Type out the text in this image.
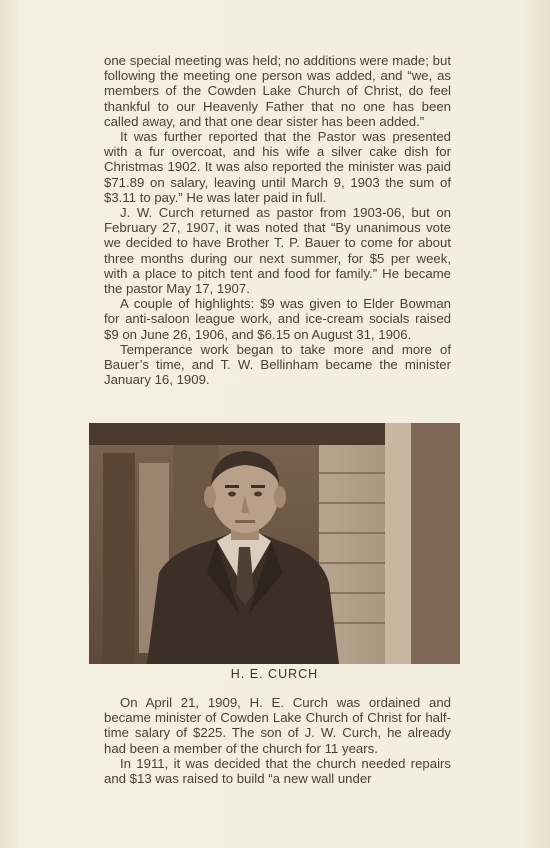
one special meeting was held; no additions were made; but following the meeting one person was added, and “we, as members of the Cowden Lake Church of Christ, do feel thankful to our Heavenly Father that no one has been called away, and that one dear sister has been added.”

It was further reported that the Pastor was presented with a fur overcoat, and his wife a silver cake dish for Christmas 1902. It was also reported the minister was paid $71.89 on salary, leaving until March 9, 1903 the sum of $3.11 to pay.” He was later paid in full.

J. W. Curch returned as pastor from 1903-06, but on February 27, 1907, it was noted that “By unanimous vote we decided to have Brother T. P. Bauer to come for about three months during our next summer, for $5 per week, with a place to pitch tent and food for family.” He became the pastor May 17, 1907.

A couple of highlights: $9 was given to Elder Bowman for anti-saloon league work, and ice-cream socials raised $9 on June 26, 1906, and $6.15 on August 31, 1906.

Temperance work began to take more and more of Bauer’s time, and T. W. Bellinham became the minister January 16, 1909.

H. E. CURCH

On April 21, 1909, H. E. Curch was ordained and became minister of Cowden Lake Church of Christ for half-time salary of $225. The son of J. W. Curch, he already had been a member of the church for 11 years.

In 1911, it was decided that the church needed repairs and $13 was raised to build “a new wall under
